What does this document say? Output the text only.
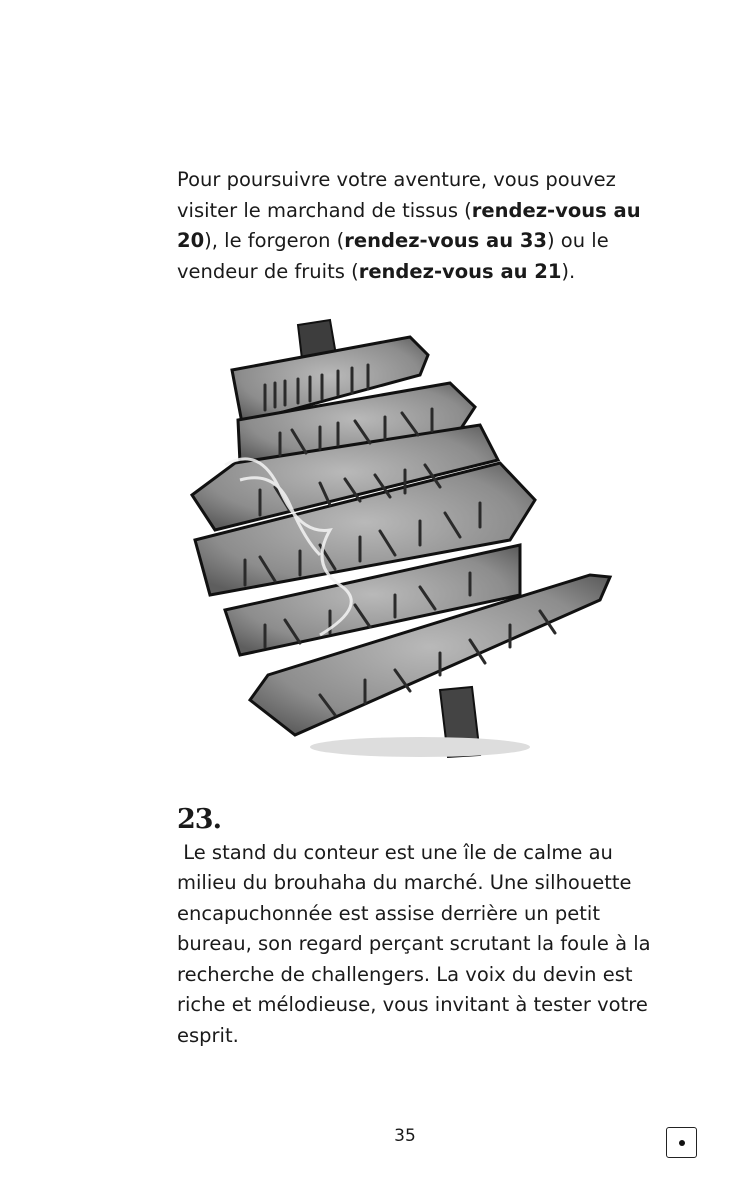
Pour poursuivre votre aventure, vous pouvez
visiter le marchand de tissus (rendez-vous au
20), le forgeron (rendez-vous au 33) ou le
vendeur de fruits (rendez-vous au 21).
23. Le stand du conteur est une île de calme au
milieu du brouhaha du marché. Une silhouette
encapuchonnée est assise derrière un petit
bureau, son regard perçant scrutant la foule à la
recherche de challengers. La voix du devin est
riche et mélodieuse, vous invitant à tester votre
esprit.
35
